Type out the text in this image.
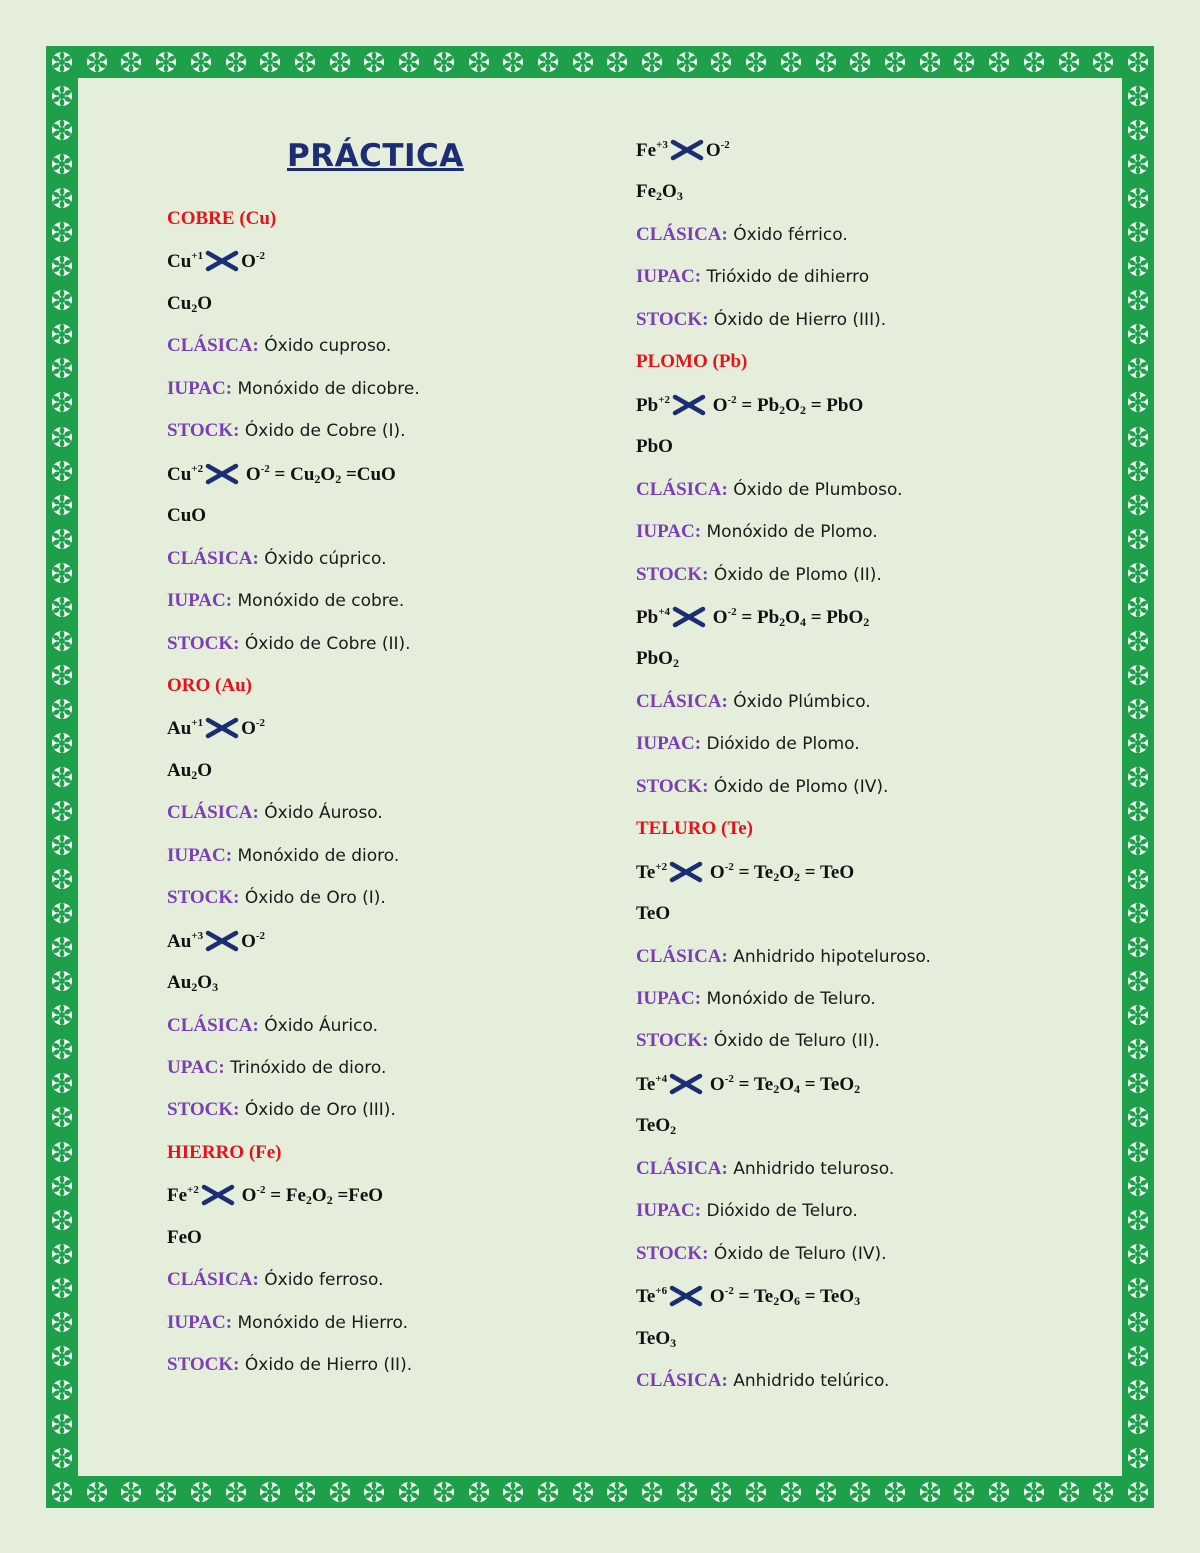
PRÁCTICA
COBRE (Cu)
$Cu^{+1}$ $O^{-2}$
$Cu_2O$
CLÁSICA: Óxido cuproso.
IUPAC: Monóxido de dicobre.
STOCK: Óxido de Cobre (I).
$Cu^{+2}$ $O^{-2} = Cu_2O_2 =CuO$
CuO
CLÁSICA: Óxido cúprico.
IUPAC: Monóxido de cobre.
STOCK: Óxido de Cobre (II).
ORO (Au)
$Au^{+1}$ $O^{-2}$
$Au_2O$
CLÁSICA: Óxido Áuroso.
IUPAC: Monóxido de dioro.
STOCK: Óxido de Oro (I).
$Au^{+3}$ $O^{-2}$
$Au_2O_3$
CLÁSICA: Óxido Áurico.
UPAC: Trinóxido de dioro.
STOCK: Óxido de Oro (III).
HIERRO (Fe)
$Fe^{+2}$ $O^{-2} = Fe_2O_2 =FeO$
FeO
CLÁSICA: Óxido ferroso.
IUPAC: Monóxido de Hierro.
STOCK: Óxido de Hierro (II).
$Fe^{+3}$ $O^{-2}$
$Fe_2O_3$
CLÁSICA: Óxido férrico.
IUPAC: Trióxido de dihierro
STOCK: Óxido de Hierro (III).
PLOMO (Pb)
$Pb^{+2}$ $O^{-2} = Pb_2O_2$ = PbO
PbO
CLÁSICA: Óxido de Plumboso.
IUPAC: Monóxido de Plomo.
STOCK: Óxido de Plomo (II).
$Pb^{+4}$ $O^{-2} = Pb_2O_4 = PbO_2$
PbO$_2$
CLÁSICA: Óxido Plúmbico.
IUPAC: Dióxido de Plomo.
STOCK: Óxido de Plomo (IV).
TELURO (Te)
$Te^{+2}$ $O^{-2} = Te_2O_2$ = TeO
TeO
CLÁSICA: Anhidrido hipoteluroso.
IUPAC: Monóxido de Teluro.
STOCK: Óxido de Teluro (II).
$Te^{+4}$ $O^{-2} = Te_2O_4 = TeO_2$
TeO$_2$
CLÁSICA: Anhidrido teluroso.
IUPAC: Dióxido de Teluro.
STOCK: Óxido de Teluro (IV).
$Te^{+6}$ $O^{-2} = Te_2O_6 = TeO_3$
TeO$_3$
CLÁSICA: Anhidrido telúrico.
